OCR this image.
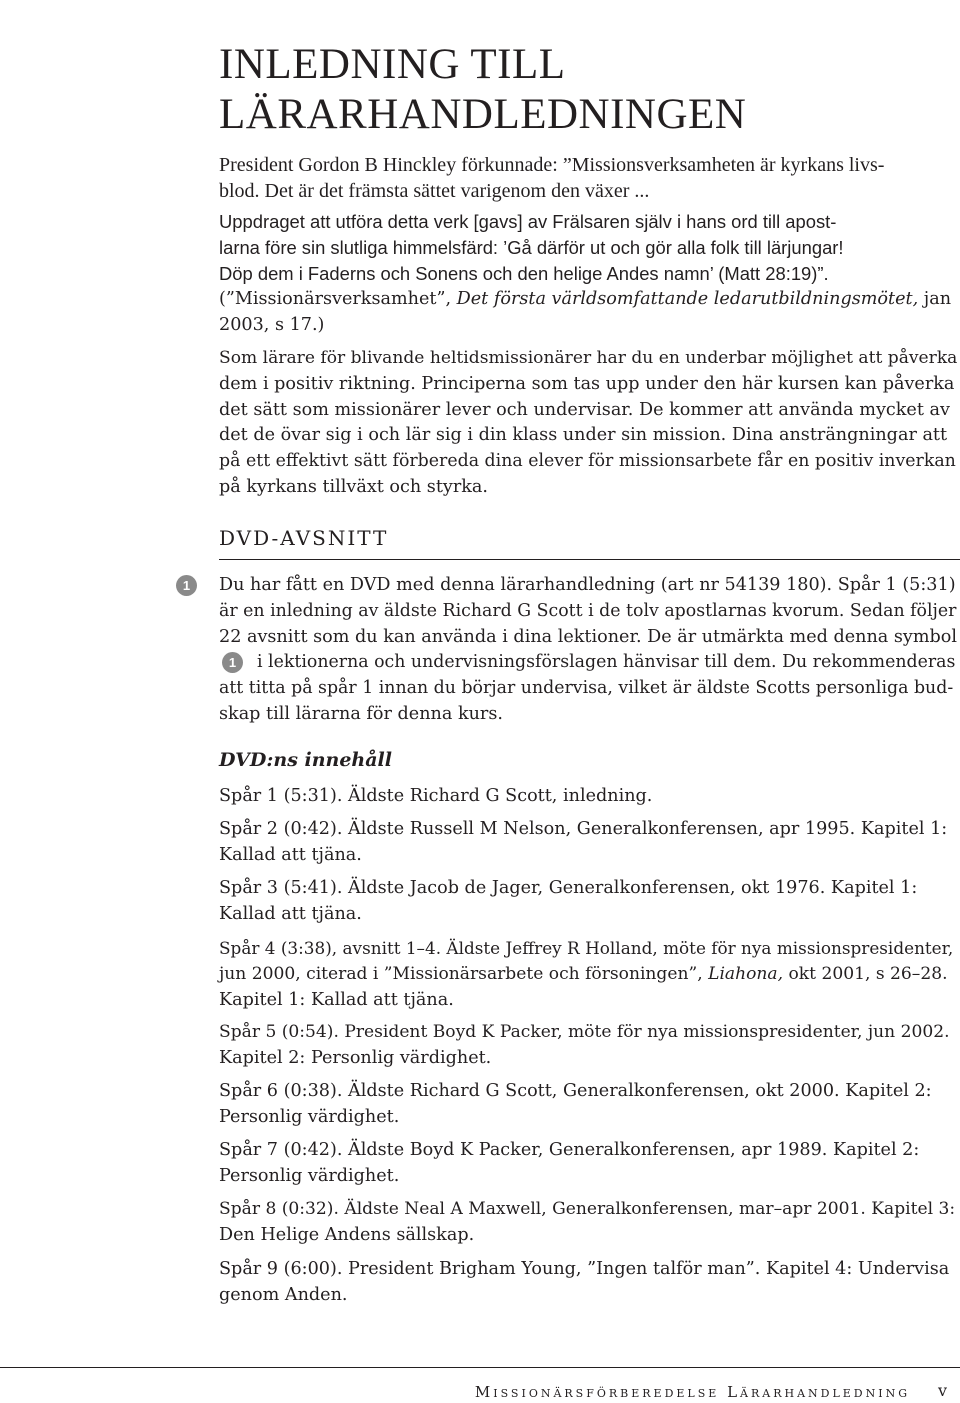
INLEDNING TILL
LÄRARHANDLEDNINGEN

President Gordon B Hinckley förkunnade: ”Missionsverksamheten är kyrkans livs-
blod. Det är det främsta sättet varigenom den växer ...

Uppdraget att utföra detta verk [gavs] av Frälsaren själv i hans ord till apost-
larna före sin slutliga himmelsfärd: ’Gå därför ut och gör alla folk till lärjungar!
Döp dem i Faderns och Sonens och den helige Andes namn’ (Matt 28:19)”.

(”Missionärsverksamhet”, Det första världsomfattande ledarutbildningsmötet, jan
2003, s 17.)

Som lärare för blivande heltidsmissionärer har du en underbar möjlighet att påverka
dem i positiv riktning. Principerna som tas upp under den här kursen kan påverka
det sätt som missionärer lever och undervisar. De kommer att använda mycket av
det de övar sig i och lär sig i din klass under sin mission. Dina ansträngningar att
på ett effektivt sätt förbereda dina elever för missionsarbete får en positiv inverkan
på kyrkans tillväxt och styrka.

DVD-AVSNITT
1	Du har fått en DVD med denna lärarhandledning (art nr 54139 180). Spår 1 (5:31)
är en inledning av äldste Richard G Scott i de tolv apostlarnas kvorum. Sedan följer
22 avsnitt som du kan använda i dina lektioner. De är utmärkta med denna symbol
i lektionerna och undervisningsförslagen hänvisar till dem. Du rekommenderas
att titta på spår 1 innan du börjar undervisa, vilket är äldste Scotts personliga bud-
skap till lärarna för denna kurs.

1
DVD:ns innehåll

Spår 1 (5:31). Äldste Richard G Scott, inledning.

Spår 2 (0:42). Äldste Russell M Nelson, Generalkonferensen, apr 1995. Kapitel 1:
Kallad att tjäna.

Spår 3 (5:41). Äldste Jacob de Jager, Generalkonferensen, okt 1976. Kapitel 1:
Kallad att tjäna.

Spår 4 (3:38), avsnitt 1–4. Äldste Jeffrey R Holland, möte för nya missionspresidenter,
jun 2000, citerad i ”Missionärsarbete och försoningen”, Liahona, okt 2001, s 26–28.
Kapitel 1: Kallad att tjäna.

Spår 5 (0:54). President Boyd K Packer, möte för nya missionspresidenter, jun 2002.
Kapitel 2: Personlig värdighet.

Spår 6 (0:38). Äldste Richard G Scott, Generalkonferensen, okt 2000. Kapitel 2:
Personlig värdighet.

Spår 7 (0:42). Äldste Boyd K Packer, Generalkonferensen, apr 1989. Kapitel 2:
Personlig värdighet.

Spår 8 (0:32). Äldste Neal A Maxwell, Generalkonferensen, mar–apr 2001. Kapitel 3:
Den Helige Andens sällskap.

Spår 9 (6:00). President Brigham Young, ”Ingen talför man”. Kapitel 4: Undervisa
genom Anden.

Missionärsförberedelse Lärarhandledning v
